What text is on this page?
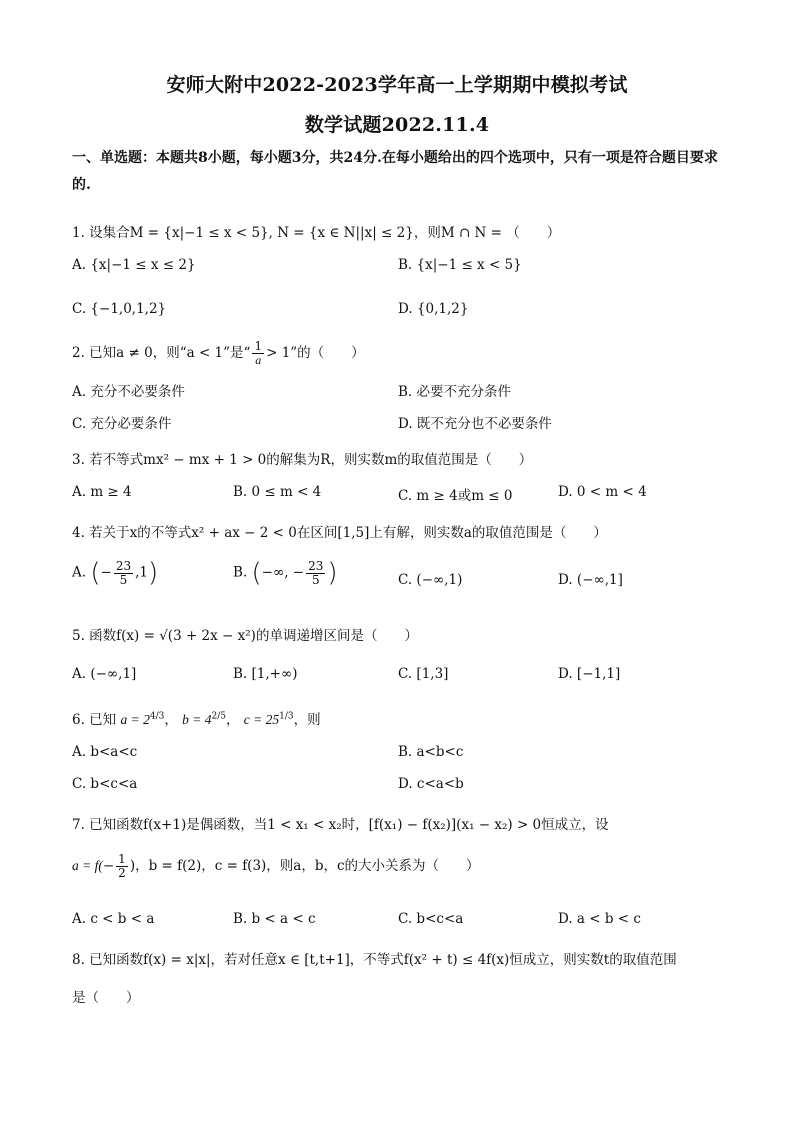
安师大附中2022-2023学年高一上学期期中模拟考试
数学试题2022.11.4
一、单选题：本题共8小题，每小题3分，共24分.在每小题给出的四个选项中，只有一项是符合题目要求的.
1. 设集合M = {x|−1 ≤ x < 5}, N = {x ∈ N||x| ≤ 2}，则M ∩ N = （　　）
A. {x|−1 ≤ x ≤ 2}	B. {x|−1 ≤ x < 5}
C. {−1,0,1,2}	D. {0,1,2}
2. 已知a ≠ 0，则“a < 1”是“ $\frac{1}{a} > 1$”的（　　）
A. 充分不必要条件	B. 必要不充分条件
C. 充分必要条件	D. 既不充分也不必要条件
3. 若不等式mx² − mx + 1 > 0的解集为R，则实数m的取值范围是（　　）
A. m ≥ 4	B. 0 ≤ m < 4	C. m ≥ 4或m ≤ 0	D. 0 < m < 4
4. 若关于x的不等式x² + ax − 2 < 0在区间[1,5]上有解，则实数a的取值范围是（　　）
A. (− $\frac{23}{5} ,1$)	B. (−∞, − $\frac{23}{5}$ )	C. (−∞,1)	D. (−∞,1]
5. 函数f(x) = √(3 + 2x − x²)的单调递增区间是（　　）
A. (−∞,1]	B. [1,+∞)	C. [1,3]	D. [−1,1]
6. 已知 $a = 2^{4/3}$， $b = 4^{2/5}$， $c = 25^{1/3}$，则
A. b<a<c	B. a<b<c
C. b<c<a	D. c<a<b
7. 已知函数f(x+1)是偶函数，当1 < x₁ < x₂时，[f(x₁) − f(x₂)](x₁ − x₂) > 0恒成立，设
$a = f(- \frac{1}{2}$ )，b = f(2)，c = f(3)，则a，b，c的大小关系为（　　）
A. c < b < a	B. b < a < c	C. b<c<a	D. a < b < c
8. 已知函数f(x) = x|x|，若对任意x ∈ [t,t+1]，不等式f(x² + t) ≤ 4f(x)恒成立，则实数t的取值范围
是（　　）
